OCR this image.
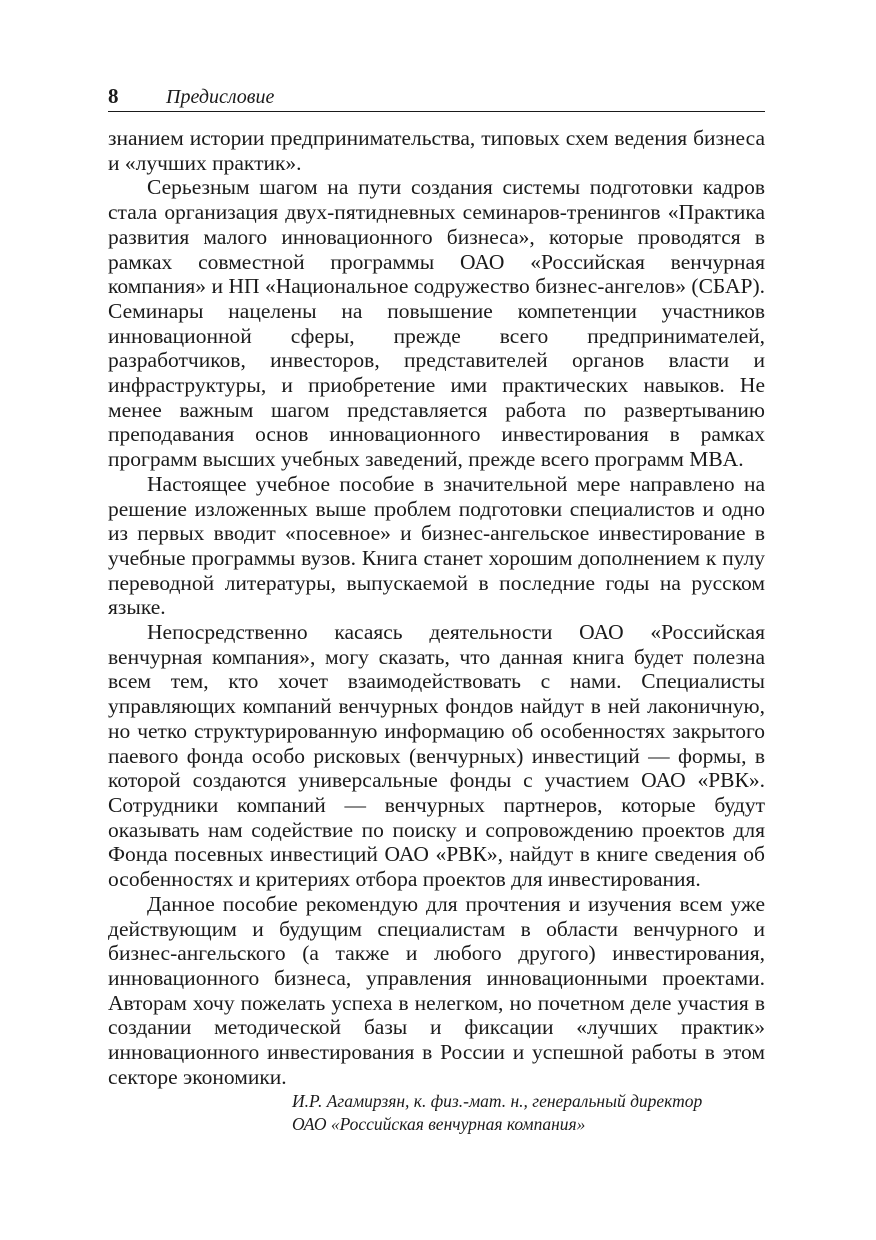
8	Предисловие

знанием истории предпринимательства, типовых схем ведения бизнеса и «лучших практик».

Серьезным шагом на пути создания системы подготовки кадров стала организация двух-пятидневных семинаров-тренингов «Практика развития малого инновационного бизнеса», которые проводятся в рамках совместной программы ОАО «Российская венчурная компания» и НП «Национальное содружество бизнес-ангелов» (СБАР). Семинары нацелены на повышение компетенции участников инновационной сферы, прежде всего предпринимателей, разработчиков, инвесторов, представителей органов власти и инфраструктуры, и приобретение ими практических навыков. Не менее важным шагом представляется работа по развертыванию преподавания основ инновационного инвестирования в рамках программ высших учебных заведений, прежде всего программ MBA.

Настоящее учебное пособие в значительной мере направлено на решение изложенных выше проблем подготовки специалистов и одно из первых вводит «посевное» и бизнес-ангельское инвестирование в учебные программы вузов. Книга станет хорошим дополнением к пулу переводной литературы, выпускаемой в последние годы на русском языке.

Непосредственно касаясь деятельности ОАО «Российская венчурная компания», могу сказать, что данная книга будет полезна всем тем, кто хочет взаимодействовать с нами. Специалисты управляющих компаний венчурных фондов найдут в ней лаконичную, но четко структурированную информацию об особенностях закрытого паевого фонда особо рисковых (венчурных) инвестиций — формы, в которой создаются универсальные фонды с участием ОАО «РВК». Сотрудники компаний — венчурных партнеров, которые будут оказывать нам содействие по поиску и сопровождению проектов для Фонда посевных инвестиций ОАО «РВК», найдут в книге сведения об особенностях и критериях отбора проектов для инвестирования.

Данное пособие рекомендую для прочтения и изучения всем уже действующим и будущим специалистам в области венчурного и бизнес-ангельского (а также и любого другого) инвестирования, инновационного бизнеса, управления инновационными проектами. Авторам хочу пожелать успеха в нелегком, но почетном деле участия в создании методической базы и фиксации «лучших практик» инновационного инвестирования в России и успешной работы в этом секторе экономики.

И.Р. Агамирзян, к. физ.-мат. н., генеральный директор
ОАО «Российская венчурная компания»
